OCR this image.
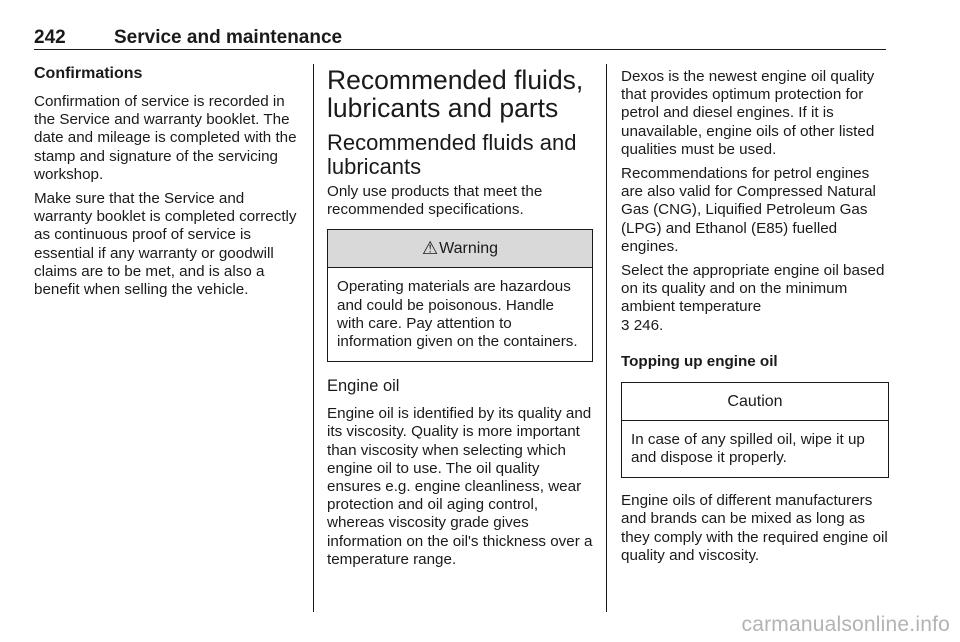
242	Service and maintenance
Confirmations

Confirmation of service is recorded in the Service and warranty booklet. The date and mileage is completed with the stamp and signature of the servicing workshop.

Make sure that the Service and warranty booklet is completed correctly as continuous proof of service is essential if any warranty or goodwill claims are to be met, and is also a benefit when selling the vehicle.

Recommended fluids, lubricants and parts
Recommended fluids and lubricants

Only use products that meet the recommended specifications.

⚠Warning
Operating materials are hazardous and could be poisonous. Handle with care. Pay attention to information given on the containers.
Engine oil

Engine oil is identified by its quality and its viscosity. Quality is more important than viscosity when selecting which engine oil to use. The oil quality ensures e.g. engine cleanliness, wear protection and oil aging control, whereas viscosity grade gives information on the oil's thickness over a temperature range.

Dexos is the newest engine oil quality that provides optimum protection for petrol and diesel engines. If it is unavailable, engine oils of other listed qualities must be used.

Recommendations for petrol engines are also valid for Compressed Natural Gas (CNG), Liquified Petroleum Gas (LPG) and Ethanol (E85) fuelled engines.

Select the appropriate engine oil based on its quality and on the minimum ambient temperature
3 246.

Topping up engine oil
Caution
In case of any spilled oil, wipe it up and dispose it properly.

Engine oils of different manufacturers and brands can be mixed as long as they comply with the required engine oil quality and viscosity.

carmanualsonline.info
